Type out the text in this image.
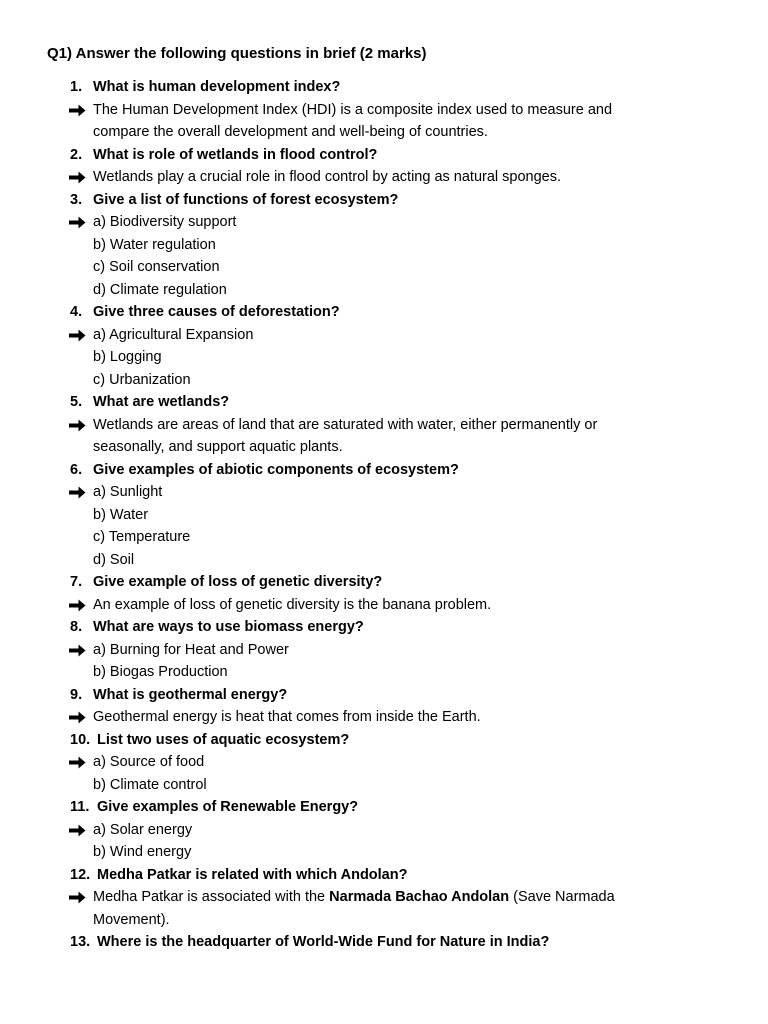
Q1) Answer the following questions in brief (2 marks)
1. What is human development index?
The Human Development Index (HDI) is a composite index used to measure and
compare the overall development and well-being of countries.
2. What is role of wetlands in flood control?
Wetlands play a crucial role in flood control by acting as natural sponges.
3. Give a list of functions of forest ecosystem?
a) Biodiversity support
b) Water regulation
c) Soil conservation
d) Climate regulation
4. Give three causes of deforestation?
a) Agricultural Expansion
b) Logging
c) Urbanization
5. What are wetlands?
Wetlands are areas of land that are saturated with water, either permanently or
seasonally, and support aquatic plants.
6. Give examples of abiotic components of ecosystem?
a) Sunlight
b) Water
c) Temperature
d) Soil
7. Give example of loss of genetic diversity?
An example of loss of genetic diversity is the banana problem.
8. What are ways to use biomass energy?
a) Burning for Heat and Power
b) Biogas Production
9. What is geothermal energy?
Geothermal energy is heat that comes from inside the Earth.
10. List two uses of aquatic ecosystem?
a) Source of food
b) Climate control
11. Give examples of Renewable Energy?
a) Solar energy
b) Wind energy
12. Medha Patkar is related with which Andolan?
Medha Patkar is associated with the Narmada Bachao Andolan (Save Narmada
Movement).
13. Where is the headquarter of World-Wide Fund for Nature in India?
